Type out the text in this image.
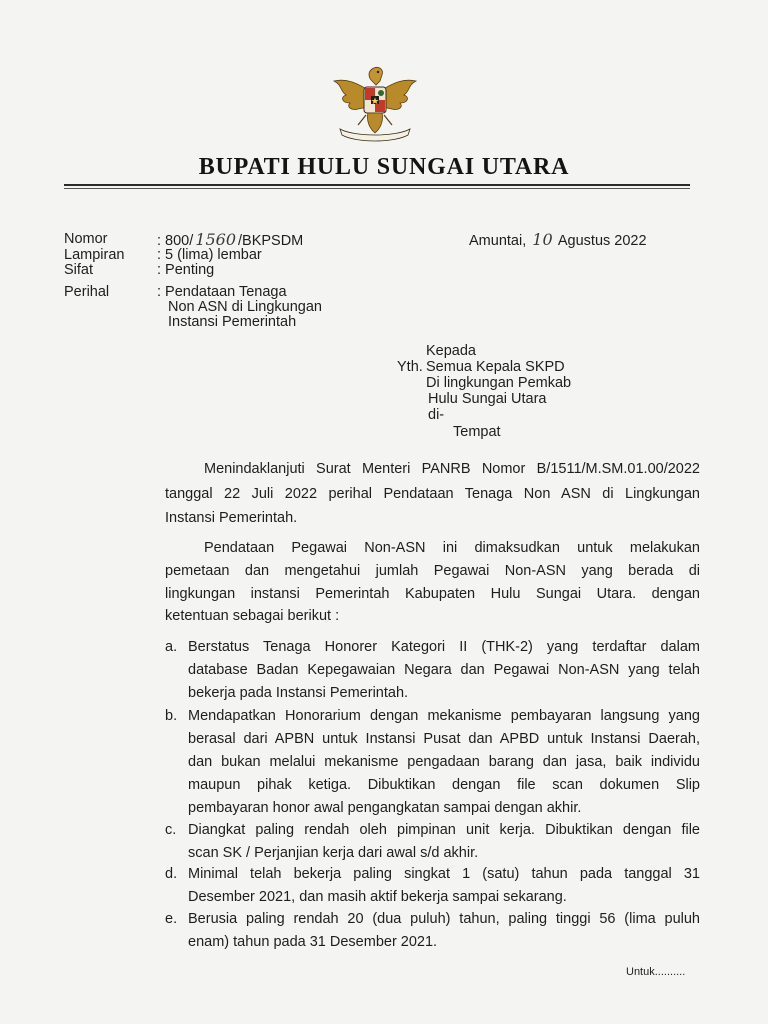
BUPATI HULU SUNGAI UTARA
Nomor	: 800/ 1560 /BKPSDM
Lampiran : 5 (lima) lembar
Sifat	: Penting
Perihal	: Pendataan Tenaga
Non ASN di Lingkungan
Instansi Pemerintah
Amuntai, 10 Agustus 2022
Kepada
Yth. Semua Kepala SKPD
Di lingkungan Pemkab
Hulu Sungai Utara
di-
Tempat
Menindaklanjuti Surat Menteri PANRB Nomor B/1511/M.SM.01.00/2022
tanggal 22 Juli 2022 perihal Pendataan Tenaga Non ASN di Lingkungan
Instansi Pemerintah.
Pendataan Pegawai Non-ASN ini dimaksudkan untuk melakukan
pemetaan dan mengetahui jumlah Pegawai Non-ASN yang berada di
lingkungan instansi Pemerintah Kabupaten Hulu Sungai Utara. dengan
ketentuan sebagai berikut :
a. Berstatus Tenaga Honorer Kategori II (THK-2) yang terdaftar dalam
database Badan Kepegawaian Negara dan Pegawai Non-ASN yang telah
bekerja pada Instansi Pemerintah.
b. Mendapatkan Honorarium dengan mekanisme pembayaran langsung yang
berasal dari APBN untuk Instansi Pusat dan APBD untuk Instansi Daerah,
dan bukan melalui mekanisme pengadaan barang dan jasa, baik individu
maupun pihak ketiga. Dibuktikan dengan file scan dokumen Slip
pembayaran honor awal pengangkatan sampai dengan akhir.
c. Diangkat paling rendah oleh pimpinan unit kerja. Dibuktikan dengan file
scan SK / Perjanjian kerja dari awal s/d akhir.
d. Minimal telah bekerja paling singkat 1 (satu) tahun pada tanggal 31
Desember 2021, dan masih aktif bekerja sampai sekarang.
e. Berusia paling rendah 20 (dua puluh) tahun, paling tinggi 56 (lima puluh
enam) tahun pada 31 Desember 2021.
Untuk..........
